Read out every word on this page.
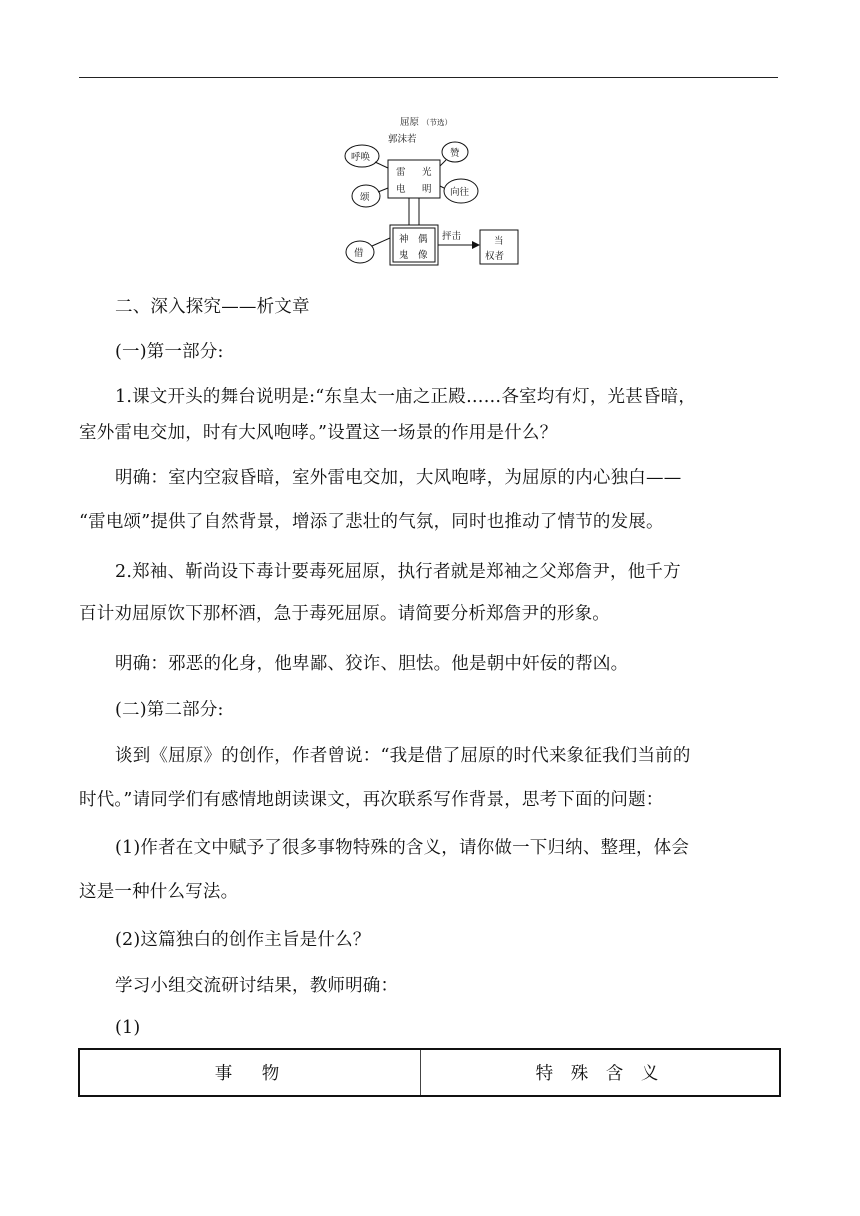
屈原 （节选）
郭沫若
雷 光
电 明
呼唤	赞
颂	向往
神 偶
鬼 像
借
抨击	当
权者
二、深入探究——析文章
(一)第一部分:
1.课文开头的舞台说明是:“东皇太一庙之正殿……各室均有灯，光甚昏暗，
室外雷电交加，时有大风咆哮。”设置这一场景的作用是什么？
明确：室内空寂昏暗，室外雷电交加，大风咆哮，为屈原的内心独白——
“雷电颂”提供了自然背景，增添了悲壮的气氛，同时也推动了情节的发展。
2.郑袖、靳尚设下毒计要毒死屈原，执行者就是郑袖之父郑詹尹，他千方
百计劝屈原饮下那杯酒，急于毒死屈原。请简要分析郑詹尹的形象。
明确：邪恶的化身，他卑鄙、狡诈、胆怯。他是朝中奸佞的帮凶。
(二)第二部分:
谈到《屈原》的创作，作者曾说：“我是借了屈原的时代来象征我们当前的
时代。”请同学们有感情地朗读课文，再次联系写作背景，思考下面的问题：
(1)作者在文中赋予了很多事物特殊的含义，请你做一下归纳、整理，体会
这是一种什么写法。
(2)这篇独白的创作主旨是什么？
学习小组交流研讨结果，教师明确：
(1)
事　物	特 殊 含 义
